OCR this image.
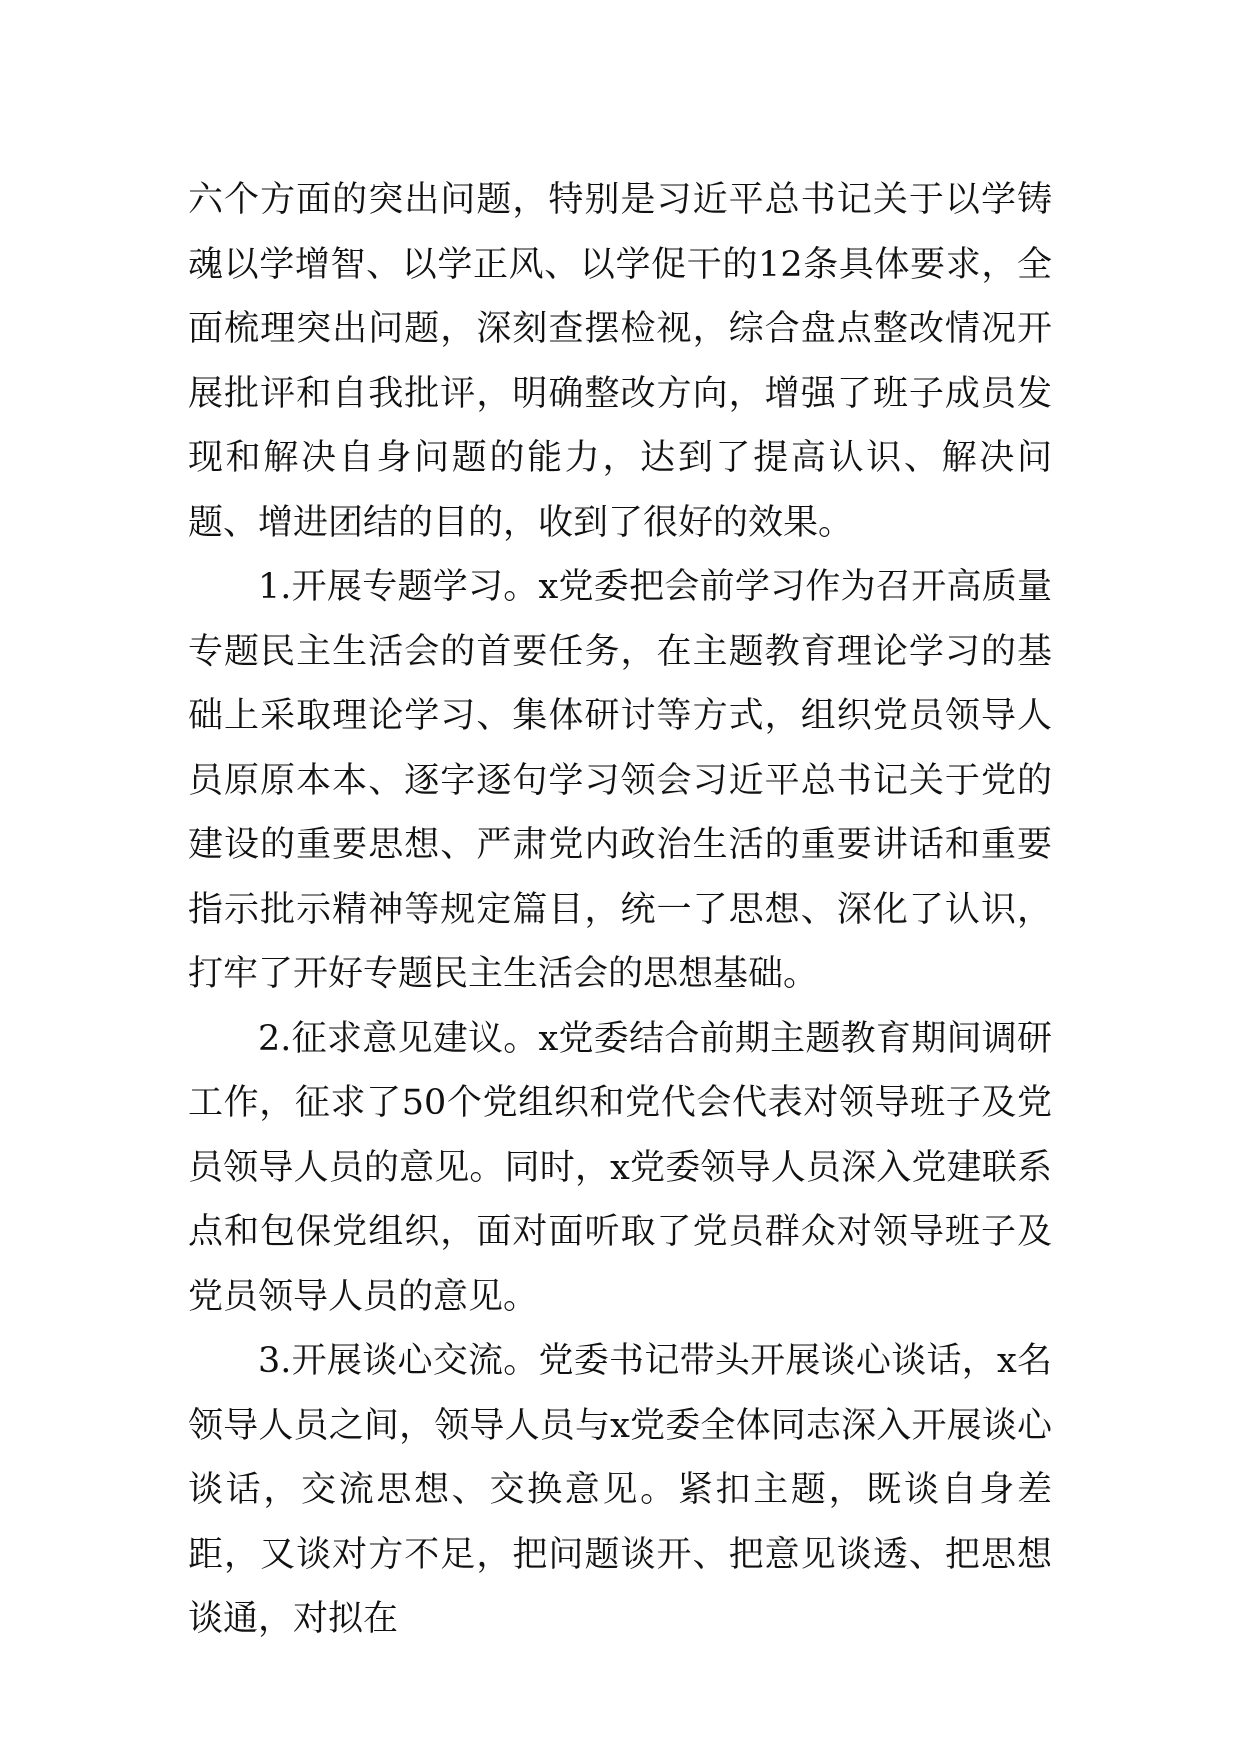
六个方面的突出问题，特别是习近平总书记关于以学铸魂以学增智、以学正风、以学促干的12条具体要求，全面梳理突出问题，深刻查摆检视，综合盘点整改情况开展批评和自我批评，明确整改方向，增强了班子成员发现和解决自身问题的能力，达到了提高认识、解决问题、增进团结的目的，收到了很好的效果。

1.开展专题学习。x党委把会前学习作为召开高质量专题民主生活会的首要任务，在主题教育理论学习的基础上采取理论学习、集体研讨等方式，组织党员领导人员原原本本、逐字逐句学习领会习近平总书记关于党的建设的重要思想、严肃党内政治生活的重要讲话和重要指示批示精神等规定篇目，统一了思想、深化了认识，打牢了开好专题民主生活会的思想基础。

2.征求意见建议。x党委结合前期主题教育期间调研工作，征求了50个党组织和党代会代表对领导班子及党员领导人员的意见。同时，x党委领导人员深入党建联系点和包保党组织，面对面听取了党员群众对领导班子及党员领导人员的意见。

3.开展谈心交流。党委书记带头开展谈心谈话，x名领导人员之间，领导人员与x党委全体同志深入开展谈心谈话，交流思想、交换意见。紧扣主题，既谈自身差距，又谈对方不足，把问题谈开、把意见谈透、把思想谈通，对拟在
